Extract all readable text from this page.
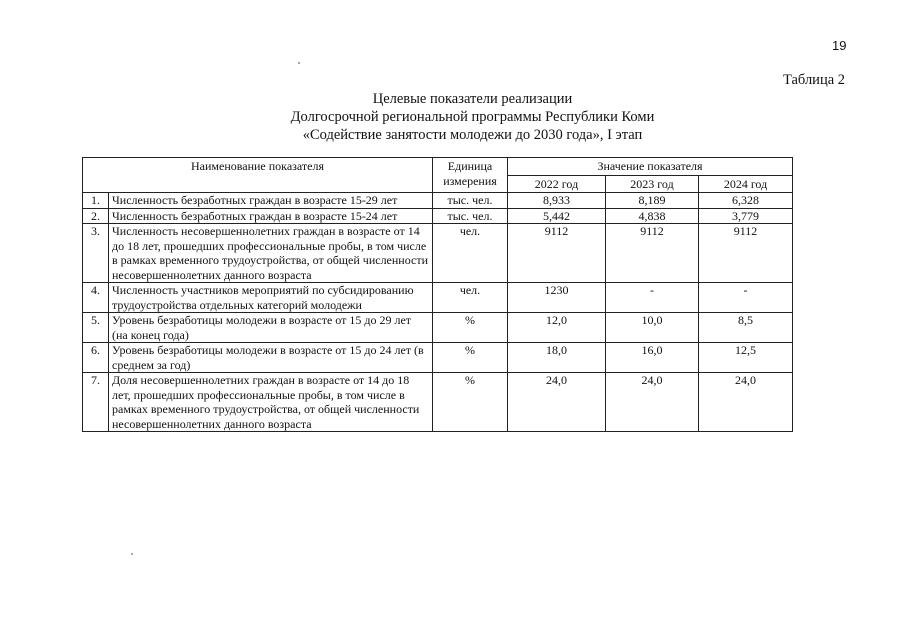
19
Таблица 2
Целевые показатели реализации
Долгосрочной региональной программы Республики Коми
«Содействие занятости молодежи до 2030 года», I этап
Наименование показателя		Единица измерения	Значение показателя		
			2022 год	2023 год	2024 год
1.	Численность безработных граждан в возрасте 15-29 лет	тыс. чел.	8,933	8,189	6,328
2.	Численность безработных граждан в возрасте 15-24 лет	тыс. чел.	5,442	4,838	3,779
3.	Численность несовершеннолетних граждан в возрасте от 14 до 18 лет, прошедших профессиональные пробы, в том числе в рамках временного трудоустройства, от общей численности несовершеннолетних данного возраста	чел.	9112	9112	9112
4.	Численность участников мероприятий по субсидированию трудоустройства отдельных категорий молодежи	чел.	1230	-	-
5.	Уровень безработицы молодежи в возрасте от 15 до 29 лет (на конец года)	%	12,0	10,0	8,5
6.	Уровень безработицы молодежи в возрасте от 15 до 24 лет (в среднем за год)	%	18,0	16,0	12,5
7.	Доля несовершеннолетних граждан в возрасте от 14 до 18 лет, прошедших профессиональные пробы, в том числе в рамках временного трудоустройства, от общей численности несовершеннолетних данного возраста	%	24,0	24,0	24,0
